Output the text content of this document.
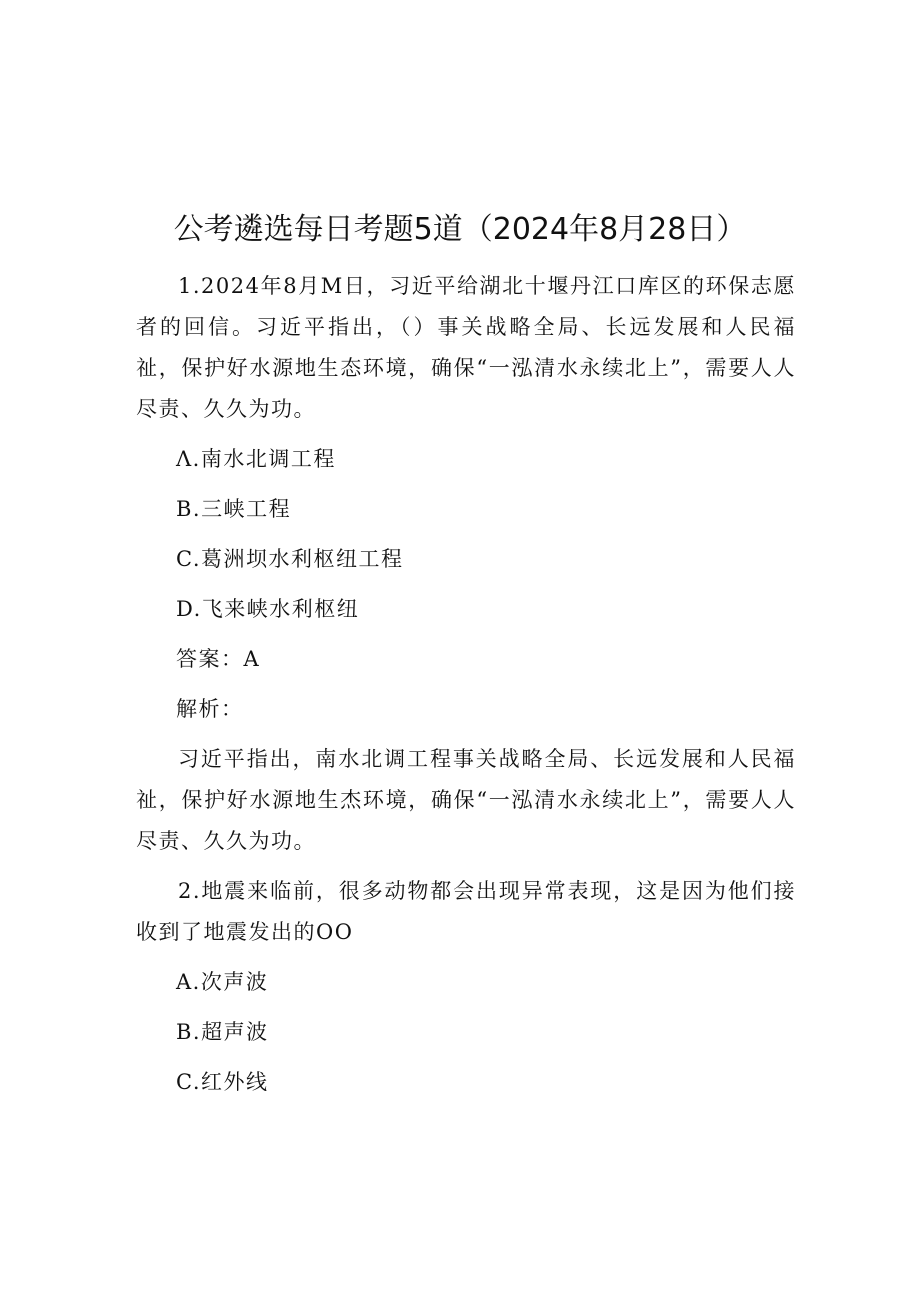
公考遴选每日考题5道（2024年8月28日）

1.2024年8月M日，习近平给湖北十堰丹江口库区的环保志愿者的回信。习近平指出，（）事关战略全局、长远发展和人民福祉，保护好水源地生态环境，确保“一泓清水永续北上”，需要人人尽责、久久为功。

Λ.南水北调工程

B.三峡工程

C.葛洲坝水利枢纽工程

D.飞来峡水利枢纽

答案：A

解析：

习近平指出，南水北调工程事关战略全局、长远发展和人民福祉，保护好水源地生杰环境，确保“一泓清水永续北上”，需要人人尽责、久久为功。

2.地震来临前，很多动物都会出现异常表现，这是因为他们接收到了地震发出的OO

A.次声波

B.超声波

C.红外线
